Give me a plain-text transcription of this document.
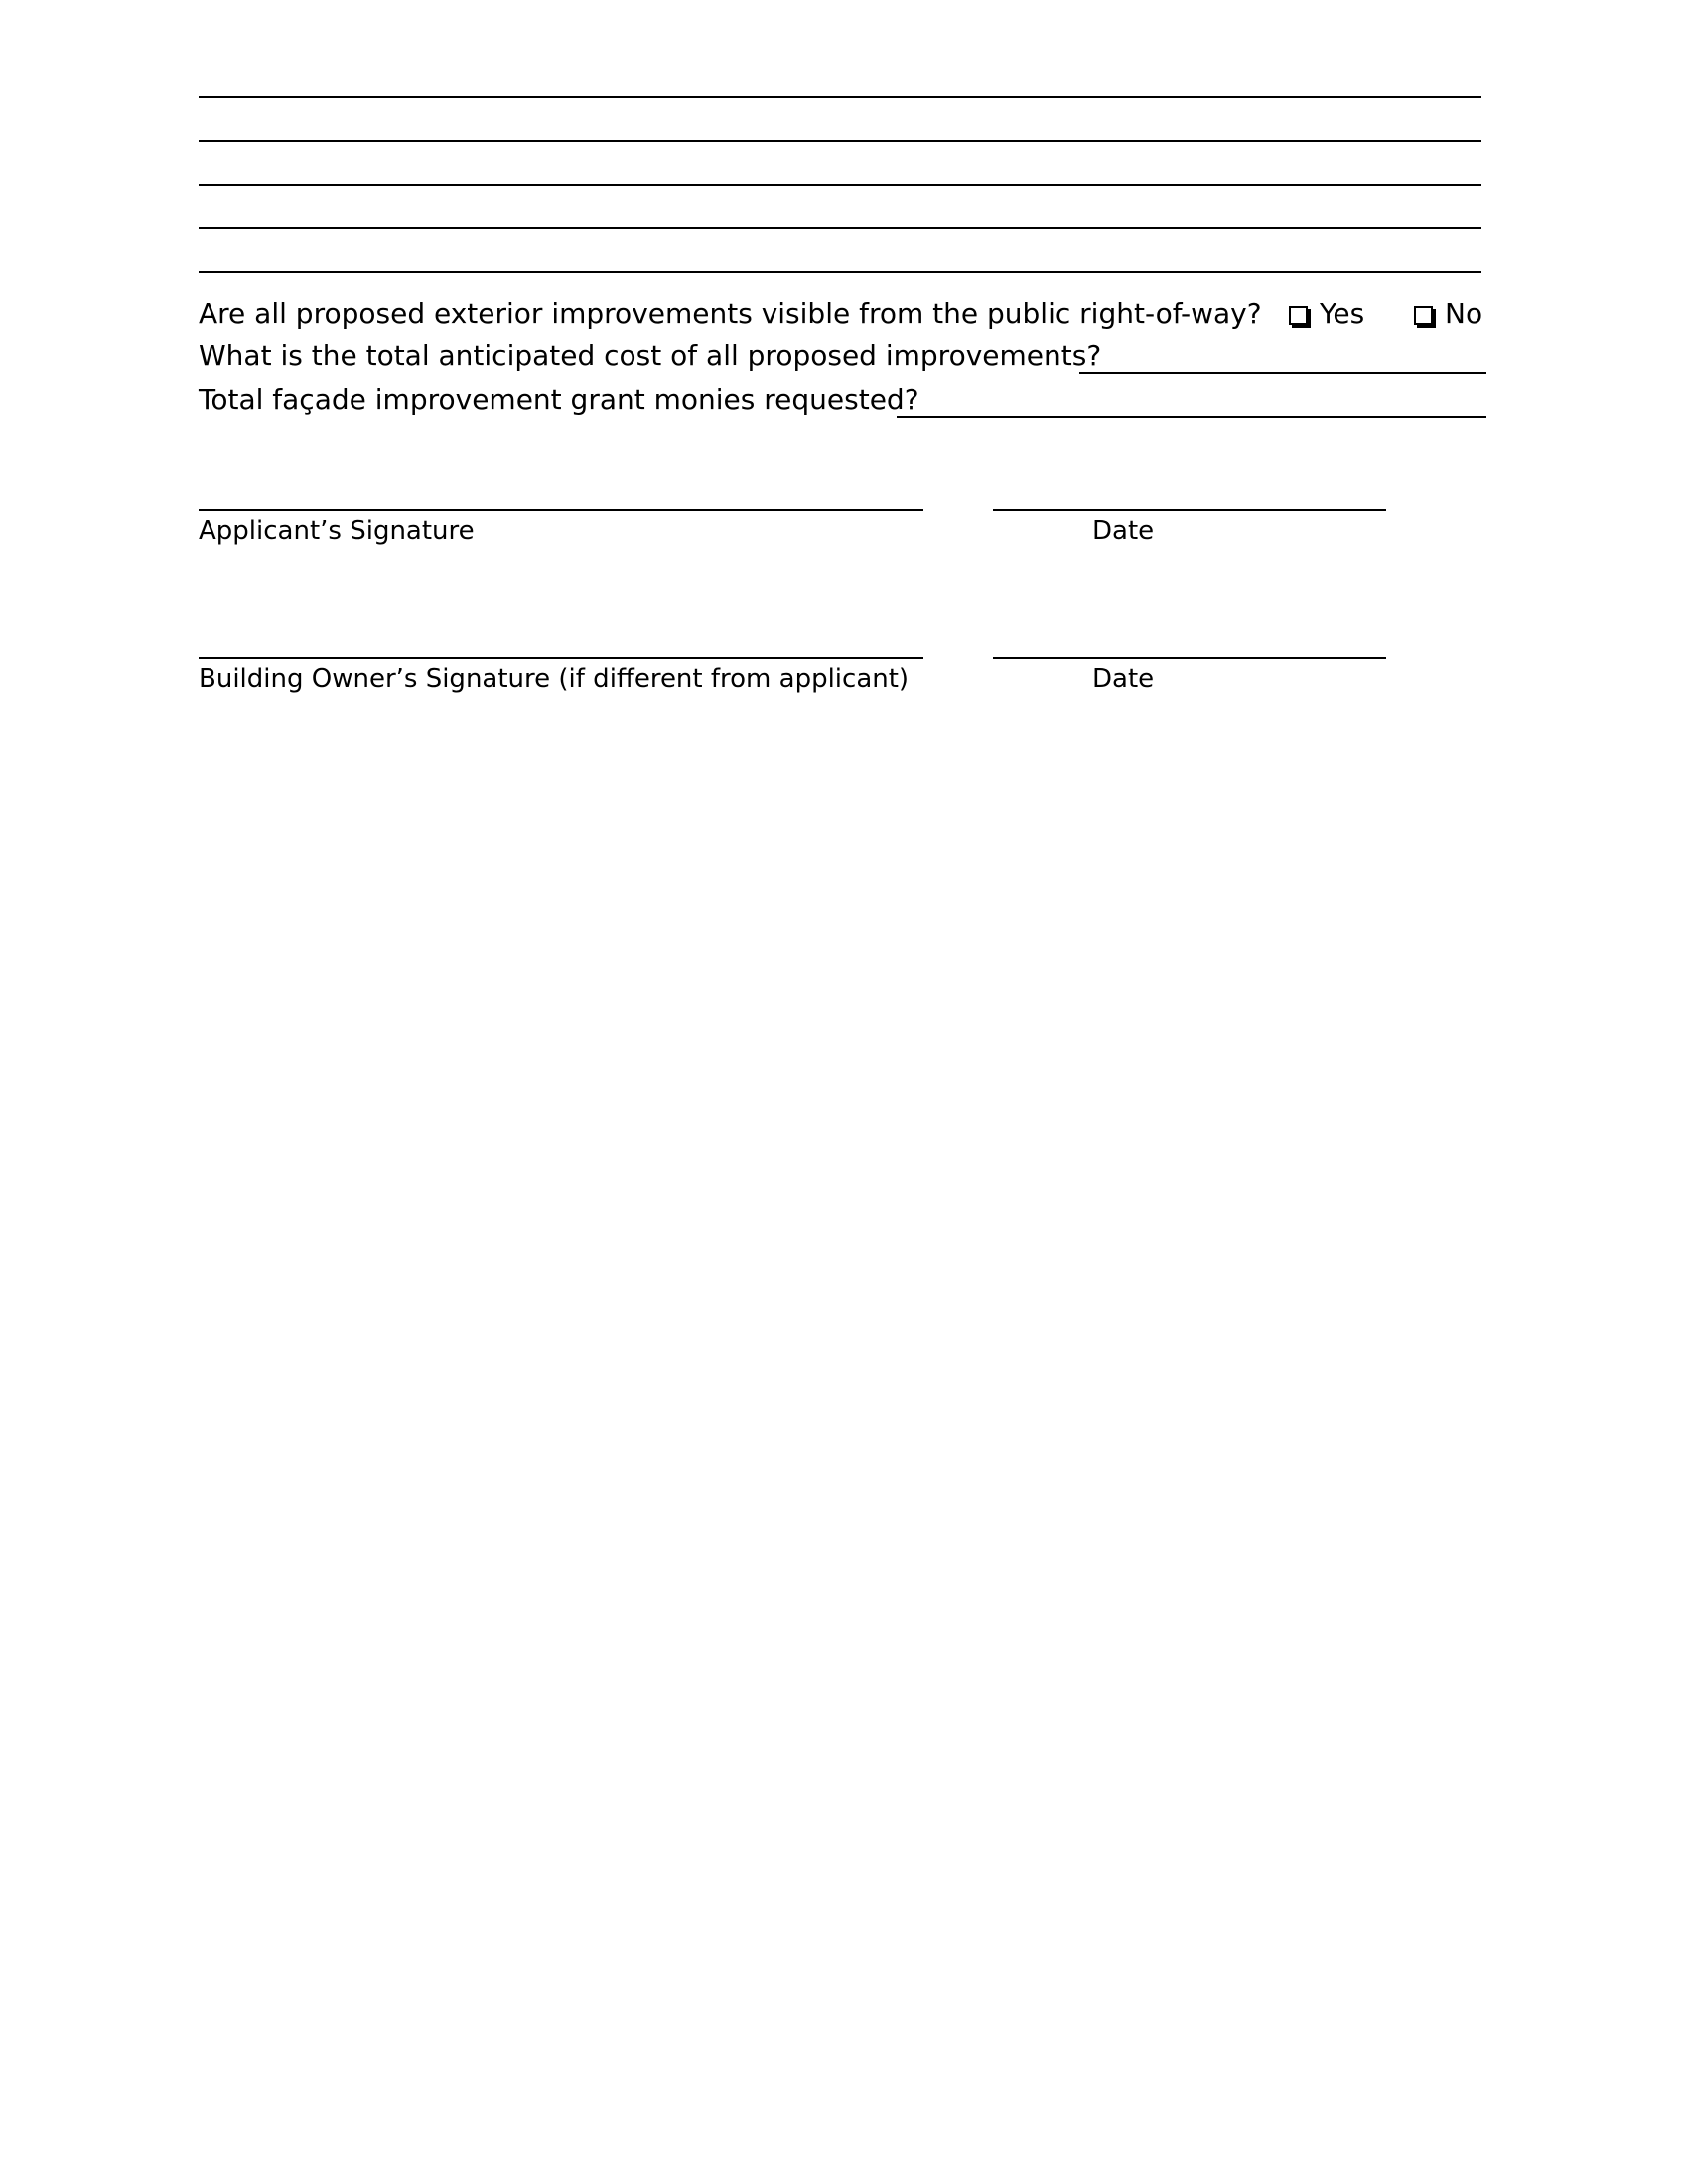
Are all proposed exterior improvements visible from the public right-of-way? Yes	No
What is the total anticipated cost of all proposed improvements?
Total façade improvement grant monies requested?
Applicant’s Signature	Date
Building Owner’s Signature (if different from applicant)	Date
